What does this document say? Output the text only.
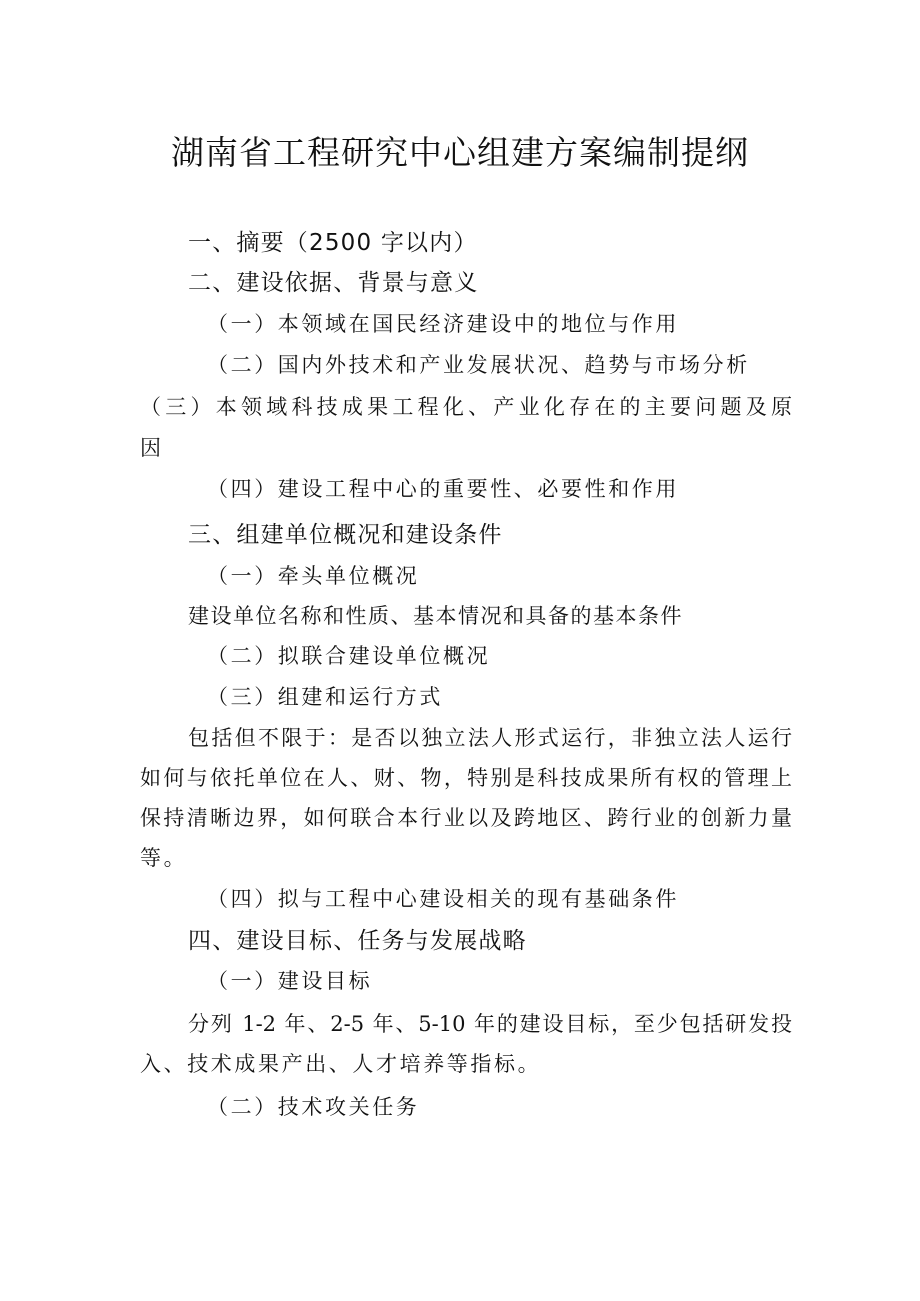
湖南省工程研究中心组建方案编制提纲
一、摘要（2500 字以内）
二、建设依据、背景与意义
（一）本领域在国民经济建设中的地位与作用
（二）国内外技术和产业发展状况、趋势与市场分析
（三）本领域科技成果工程化、产业化存在的主要问题及原
因
（四）建设工程中心的重要性、必要性和作用
三、组建单位概况和建设条件
（一）牵头单位概况
建设单位名称和性质、基本情况和具备的基本条件
（二）拟联合建设单位概况
（三）组建和运行方式
包括但不限于：是否以独立法人形式运行，非独立法人运行
如何与依托单位在人、财、物，特别是科技成果所有权的管理上
保持清晰边界，如何联合本行业以及跨地区、跨行业的创新力量
等。
（四）拟与工程中心建设相关的现有基础条件
四、建设目标、任务与发展战略
（一）建设目标
分列 1-2 年、2-5 年、5-10 年的建设目标，至少包括研发投
入、技术成果产出、人才培养等指标。
（二）技术攻关任务
